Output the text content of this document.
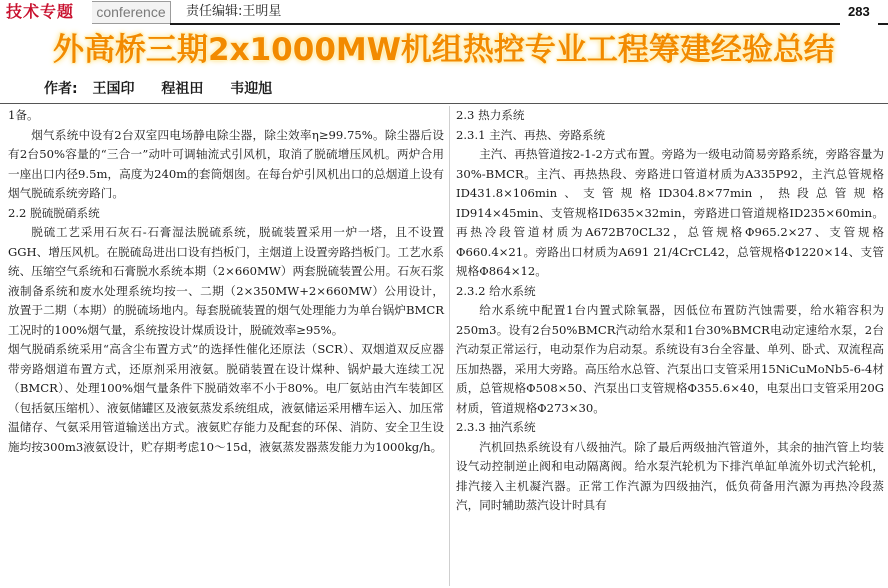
技术专题	conference	责任编辑:王明星	283
外高桥三期2x1000MW机组热控专业工程筹建经验总结
作者: 王国印 程祖田 韦迎旭

1备。

烟气系统中设有2台双室四电场静电除尘器，除尘效率η≥99.75%。除尘器后设有2台50%容量的“三合一”动叶可调轴流式引风机，取消了脱硫增压风机。两炉合用一座出口内径9.5m，高度为240m的套筒烟囱。在每台炉引风机出口的总烟道上设有烟气脱硫系统旁路门。

2.2 脱硫脱硝系统

脱硫工艺采用石灰石-石膏湿法脱硫系统，脱硫装置采用一炉一塔，且不设置GGH、增压风机。在脱硫岛进出口设有挡板门，主烟道上设置旁路挡板门。工艺水系统、压缩空气系统和石膏脱水系统本期（2×660MW）两套脱硫装置公用。石灰石浆液制备系统和废水处理系统均按一、二期（2×350MW+2×660MW）公用设计，放置于二期（本期）的脱硫场地内。每套脱硫装置的烟气处理能力为单台锅炉BMCR工况时的100%烟气量，系统按设计煤质设计，脱硫效率≥95%。

烟气脱硝系统采用“高含尘布置方式”的选择性催化还原法（SCR）、双烟道双反应器带旁路烟道布置方式，还原剂采用液氨。脱硝装置在设计煤种、锅炉最大连续工况（BMCR）、处理100%烟气量条件下脱硝效率不小于80%。电厂氨站由汽车装卸区（包括氨压缩机）、液氨储罐区及液氨蒸发系统组成，液氨储运采用槽车运入、加压常温储存、气氨采用管道输送出方式。液氨贮存能力及配套的环保、消防、安全卫生设施均按300m3液氨设计，贮存期考虑10～15d，液氨蒸发器蒸发能力为1000kg/h。

2.3 热力系统

2.3.1 主汽、再热、旁路系统

主汽、再热管道按2-1-2方式布置。旁路为一级电动简易旁路系统，旁路容量为30%-BMCR。主汽、再热热段、旁路进口管道材质为A335P92，主汽总管规格ID431.8×106min、支管规格ID304.8×77min，热段总管规格ID914×45min、支管规格ID635×32min，旁路进口管道规格ID235×60min。再热冷段管道材质为A672B70CL32，总管规格Φ965.2×27、支管规格Φ660.4×21。旁路出口材质为A691 21/4CrCL42，总管规格Φ1220×14、支管规格Φ864×12。

2.3.2 给水系统

给水系统中配置1台内置式除氧器，因低位布置防汽蚀需要，给水箱容积为250m3。设有2台50%BMCR汽动给水泵和1台30%BMCR电动定速给水泵，2台汽动泵正常运行，电动泵作为启动泵。系统设有3台全容量、单列、卧式、双流程高压加热器，采用大旁路。高压给水总管、汽泵出口支管采用15NiCuMoNb5-6-4材质，总管规格Φ508×50、汽泵出口支管规格Φ355.6×40，电泵出口支管采用20G材质，管道规格Φ273×30。

2.3.3 抽汽系统

汽机回热系统设有八级抽汽。除了最后两级抽汽管道外，其余的抽汽管上均装设气动控制逆止阀和电动隔离阀。给水泵汽轮机为下排汽单缸单流外切式汽轮机，排汽接入主机凝汽器。正常工作汽源为四级抽汽，低负荷备用汽源为再热冷段蒸汽，同时辅助蒸汽设计时具有
